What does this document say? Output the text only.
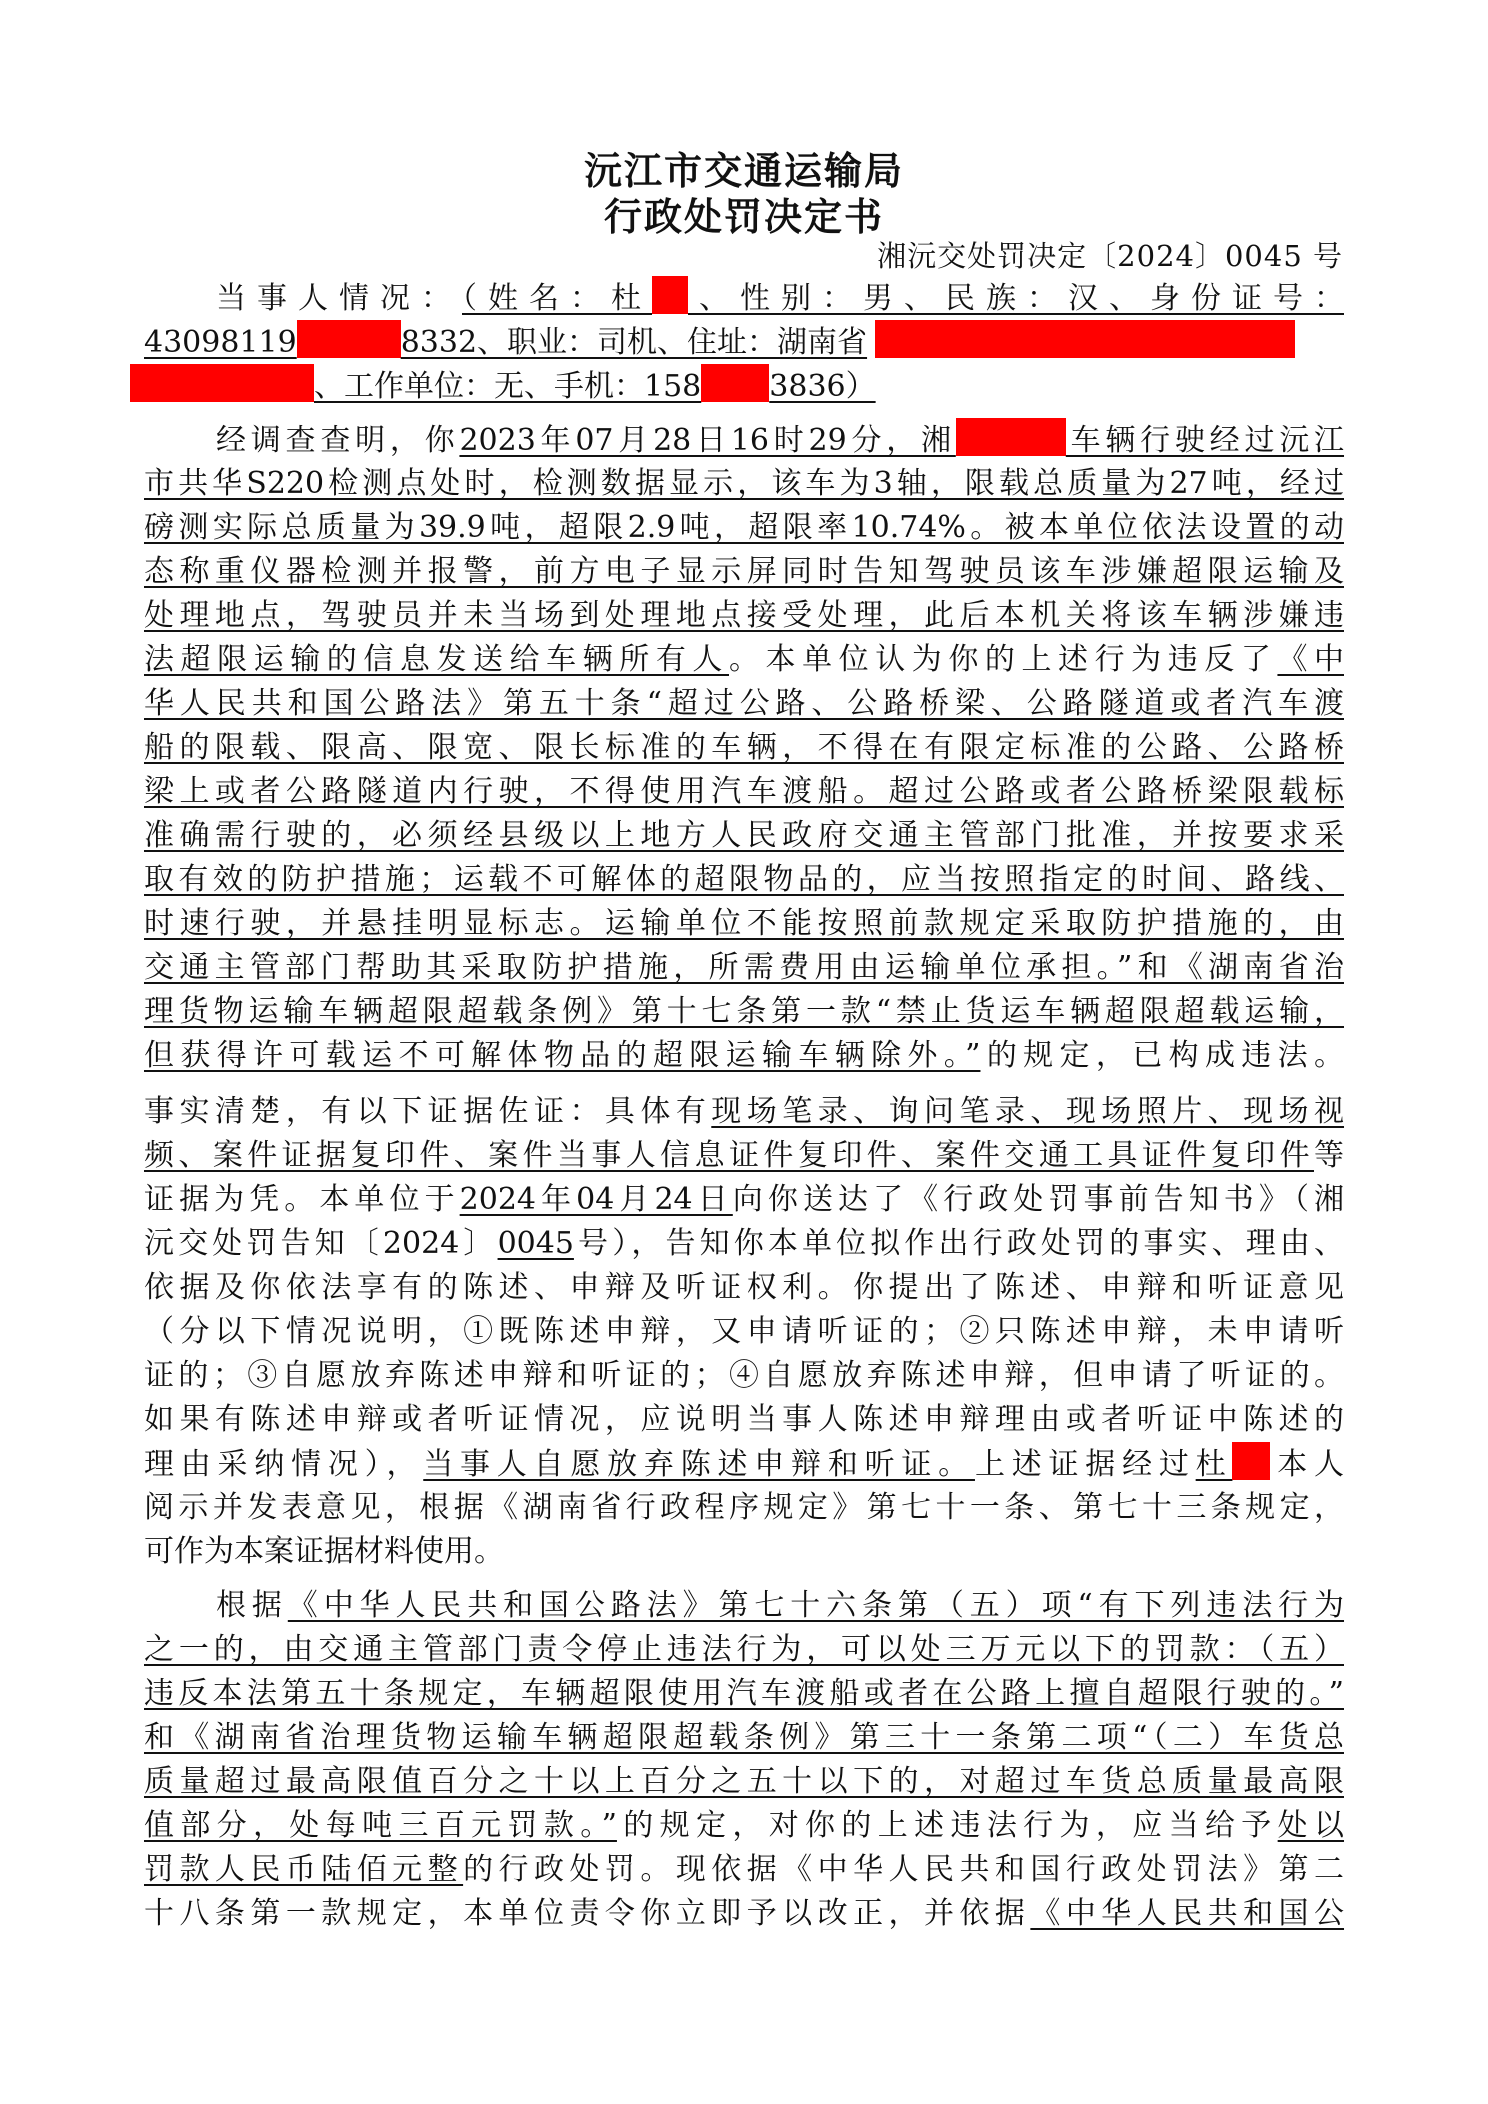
沅江市交通运输局
行政处罚决定书
湘沅交处罚决定〔2024〕0045 号
当事人情况：（姓名：杜 、性别：男、民族：汉、身份证号：
43098119	8332、职业：司机、住址：湖南省
、工作单位：无、手机：158 3836）
经调查查明，你2023年07月28日16时29分，湘	车辆行驶经过沅江
市共华S220检测点处时，检测数据显示，该车为3轴，限载总质量为27吨，经过
磅测实际总质量为39.9吨，超限2.9吨，超限率10.74%。被本单位依法设置的动
态称重仪器检测并报警，前方电子显示屏同时告知驾驶员该车涉嫌超限运输及
处理地点，驾驶员并未当场到处理地点接受处理，此后本机关将该车辆涉嫌违
法超限运输的信息发送给车辆所有人。本单位认为你的上述行为违反了《中
华人民共和国公路法》第五十条“超过公路、公路桥梁、公路隧道或者汽车渡
船的限载、限高、限宽、限长标准的车辆，不得在有限定标准的公路、公路桥
梁上或者公路隧道内行驶，不得使用汽车渡船。超过公路或者公路桥梁限载标
准确需行驶的，必须经县级以上地方人民政府交通主管部门批准，并按要求采
取有效的防护措施；运载不可解体的超限物品的，应当按照指定的时间、路线、
时速行驶，并悬挂明显标志。运输单位不能按照前款规定采取防护措施的，由
交通主管部门帮助其采取防护措施，所需费用由运输单位承担。”和《湖南省治
理货物运输车辆超限超载条例》第十七条第一款“禁止货运车辆超限超载运输，
但获得许可载运不可解体物品的超限运输车辆除外。”的规定，已构成违法。
事实清楚，有以下证据佐证：具体有现场笔录、询问笔录、现场照片、现场视
频、案件证据复印件、案件当事人信息证件复印件、案件交通工具证件复印件等
证据为凭。本单位于2024年04月24日向你送达了《行政处罚事前告知书》（湘
沅交处罚告知〔2024〕0045号），告知你本单位拟作出行政处罚的事实、理由、
依据及你依法享有的陈述、申辩及听证权利。你提出了陈述、申辩和听证意见
（分以下情况说明，①既陈述申辩，又申请听证的；②只陈述申辩，未申请听
证的；③自愿放弃陈述申辩和听证的；④自愿放弃陈述申辩，但申请了听证的。
如果有陈述申辩或者听证情况，应说明当事人陈述申辩理由或者听证中陈述的
理由采纳情况），当事人自愿放弃陈述申辩和听证。上述证据经过杜 本人
阅示并发表意见，根据《湖南省行政程序规定》第七十一条、第七十三条规定，
可作为本案证据材料使用。
根据《中华人民共和国公路法》第七十六条第（五）项“有下列违法行为
之一的，由交通主管部门责令停止违法行为，可以处三万元以下的罚款：（五）
违反本法第五十条规定，车辆超限使用汽车渡船或者在公路上擅自超限行驶的。”
和《湖南省治理货物运输车辆超限超载条例》第三十一条第二项“（二）车货总
质量超过最高限值百分之十以上百分之五十以下的，对超过车货总质量最高限
值部分，处每吨三百元罚款。”的规定，对你的上述违法行为，应当给予处以
罚款人民币陆佰元整的行政处罚。现依据《中华人民共和国行政处罚法》第二
十八条第一款规定，本单位责令你立即予以改正，并依据《中华人民共和国公
